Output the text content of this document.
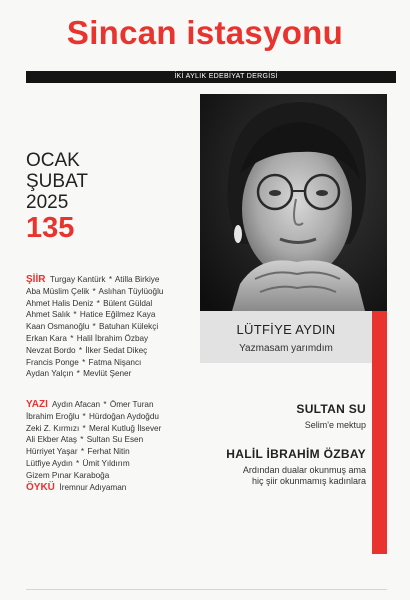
Sincan istasyonu
İKİ AYLIK EDEBİYAT DERGİSİ
OCAK
ŞUBAT
2025
135
LÜTFİYE AYDIN
Yazmasam yarımdım
SULTAN SU
Selim'e mektup
HALİL İBRAHİM ÖZBAY
Ardından dualar okunmuş ama
hiç şiir okunmamış kadınlara
ŞİİR Turgay Kantürk * Atilla Birkiye
Aba Müslim Çelik * Aslıhan Tüylüoğlu
Ahmet Halis Deniz * Bülent Güldal
Ahmet Salık * Hatice Eğilmez Kaya
Kaan Osmanoğlu * Batuhan Külekçi
Erkan Kara * Halil İbrahim Özbay
Nevzat Bordo * İlker Sedat Dikeç
Francis Ponge * Fatma Nişancı
Aydan Yalçın * Mevlüt Şener
YAZI Aydın Afacan * Ömer Turan
İbrahim Eroğlu * Hürdoğan Aydoğdu
Zeki Z. Kırmızı * Meral Kutluğ İlsever
Ali Ekber Ataş * Sultan Su Esen
Hürriyet Yaşar * Ferhat Nitin
Lütfiye Aydın * Ümit Yıldırım
Gizem Pınar Karaboğa
ÖYKÜ İremnur Adıyaman
